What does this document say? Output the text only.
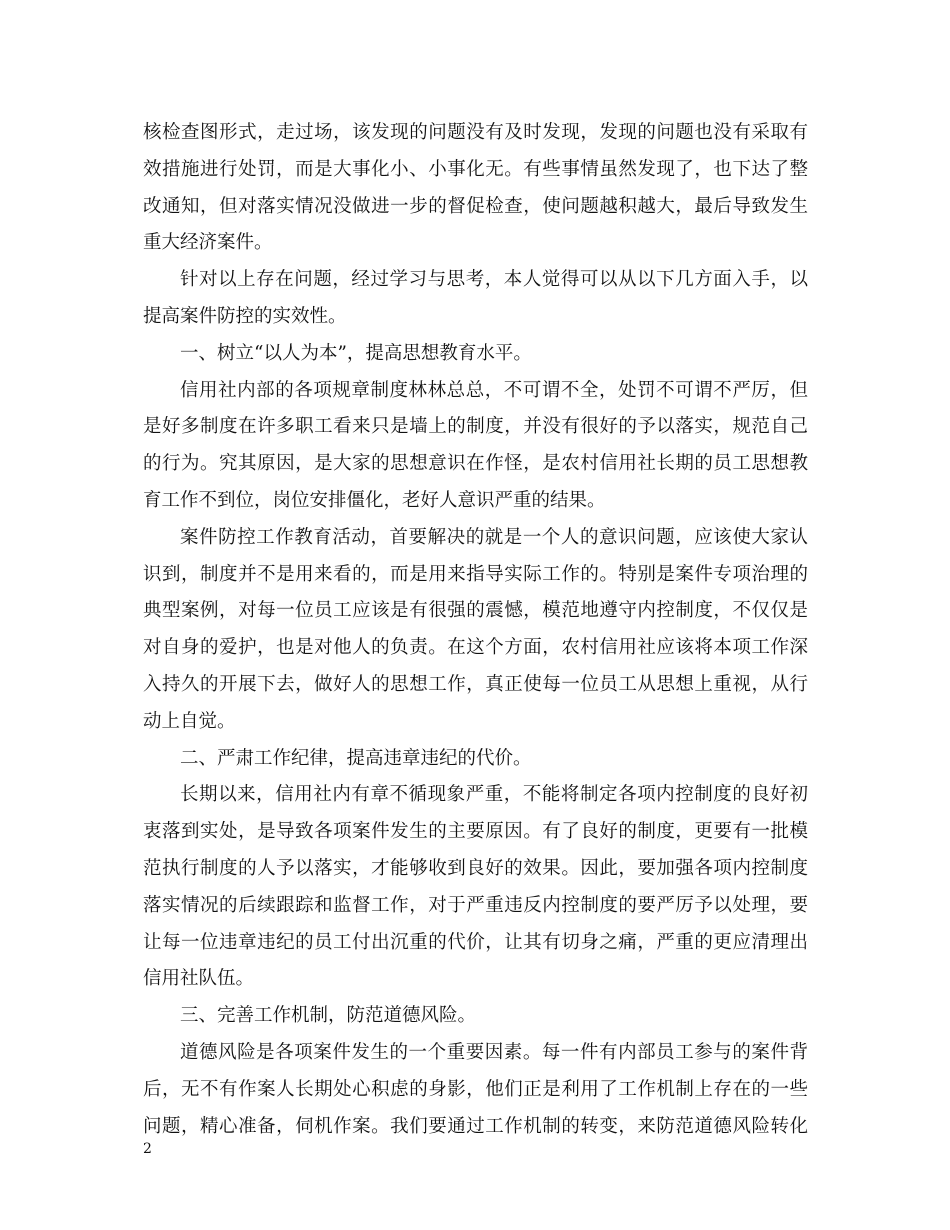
核检查图形式，走过场，该发现的问题没有及时发现，发现的问题也没有采取有
效措施进行处罚，而是大事化小、小事化无。有些事情虽然发现了，也下达了整
改通知，但对落实情况没做进一步的督促检查，使问题越积越大，最后导致发生
重大经济案件。
针对以上存在问题，经过学习与思考，本人觉得可以从以下几方面入手，以
提高案件防控的实效性。
一、树立“以人为本”，提高思想教育水平。
信用社内部的各项规章制度林林总总，不可谓不全，处罚不可谓不严厉，但
是好多制度在许多职工看来只是墙上的制度，并没有很好的予以落实，规范自己
的行为。究其原因，是大家的思想意识在作怪，是农村信用社长期的员工思想教
育工作不到位，岗位安排僵化，老好人意识严重的结果。
案件防控工作教育活动，首要解决的就是一个人的意识问题，应该使大家认
识到，制度并不是用来看的，而是用来指导实际工作的。特别是案件专项治理的
典型案例，对每一位员工应该是有很强的震憾，模范地遵守内控制度，不仅仅是
对自身的爱护，也是对他人的负责。在这个方面，农村信用社应该将本项工作深
入持久的开展下去，做好人的思想工作，真正使每一位员工从思想上重视，从行
动上自觉。
二、严肃工作纪律，提高违章违纪的代价。
长期以来，信用社内有章不循现象严重，不能将制定各项内控制度的良好初
衷落到实处，是导致各项案件发生的主要原因。有了良好的制度，更要有一批模
范执行制度的人予以落实，才能够收到良好的效果。因此，要加强各项内控制度
落实情况的后续跟踪和监督工作，对于严重违反内控制度的要严厉予以处理，要
让每一位违章违纪的员工付出沉重的代价，让其有切身之痛，严重的更应清理出
信用社队伍。
三、完善工作机制，防范道德风险。
道德风险是各项案件发生的一个重要因素。每一件有内部员工参与的案件背
后，无不有作案人长期处心积虑的身影，他们正是利用了工作机制上存在的一些
问题，精心准备，伺机作案。我们要通过工作机制的转变，来防范道德风险转化
2
